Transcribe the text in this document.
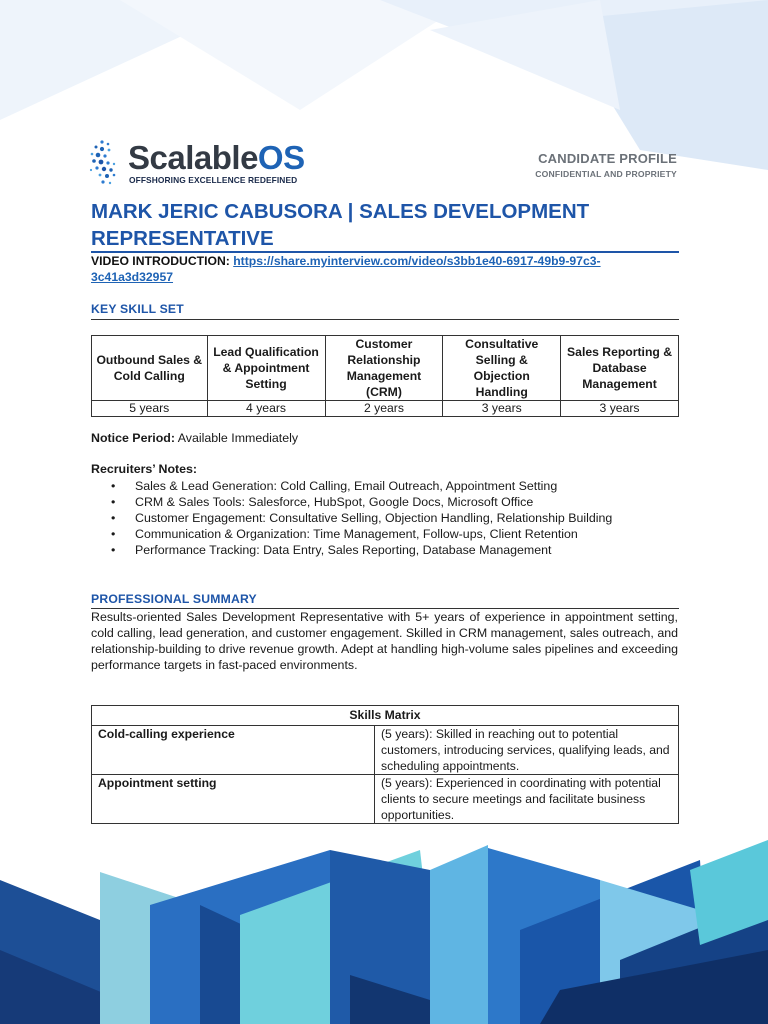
ScalableOS
OFFSHORING EXCELLENCE REDEFINED
CANDIDATE PROFILE
CONFIDENTIAL AND PROPRIETY
MARK JERIC CABUSORA | SALES DEVELOPMENT REPRESENTATIVE
VIDEO INTRODUCTION: https://share.myinterview.com/video/s3bb1e40-6917-49b9-97c3-3c41a3d32957
KEY SKILL SET
Outbound Sales & Cold Calling	Lead Qualification & Appointment Setting	Customer Relationship Management (CRM)	Consultative Selling & Objection Handling	Sales Reporting & Database Management
5 years	4 years	2 years	3 years	3 years
Notice Period: Available Immediately
Recruiters’ Notes:
• Sales & Lead Generation: Cold Calling, Email Outreach, Appointment Setting
• CRM & Sales Tools: Salesforce, HubSpot, Google Docs, Microsoft Office
• Customer Engagement: Consultative Selling, Objection Handling, Relationship Building
• Communication & Organization: Time Management, Follow-ups, Client Retention
• Performance Tracking: Data Entry, Sales Reporting, Database Management
PROFESSIONAL SUMMARY
Results-oriented Sales Development Representative with 5+ years of experience in appointment setting, cold calling, lead generation, and customer engagement. Skilled in CRM management, sales outreach, and relationship-building to drive revenue growth. Adept at handling high-volume sales pipelines and exceeding performance targets in fast-paced environments.
Skills Matrix	
Cold-calling experience	(5 years): Skilled in reaching out to potential customers, introducing services, qualifying leads, and scheduling appointments.
Appointment setting	(5 years): Experienced in coordinating with potential clients to secure meetings and facilitate business opportunities.
